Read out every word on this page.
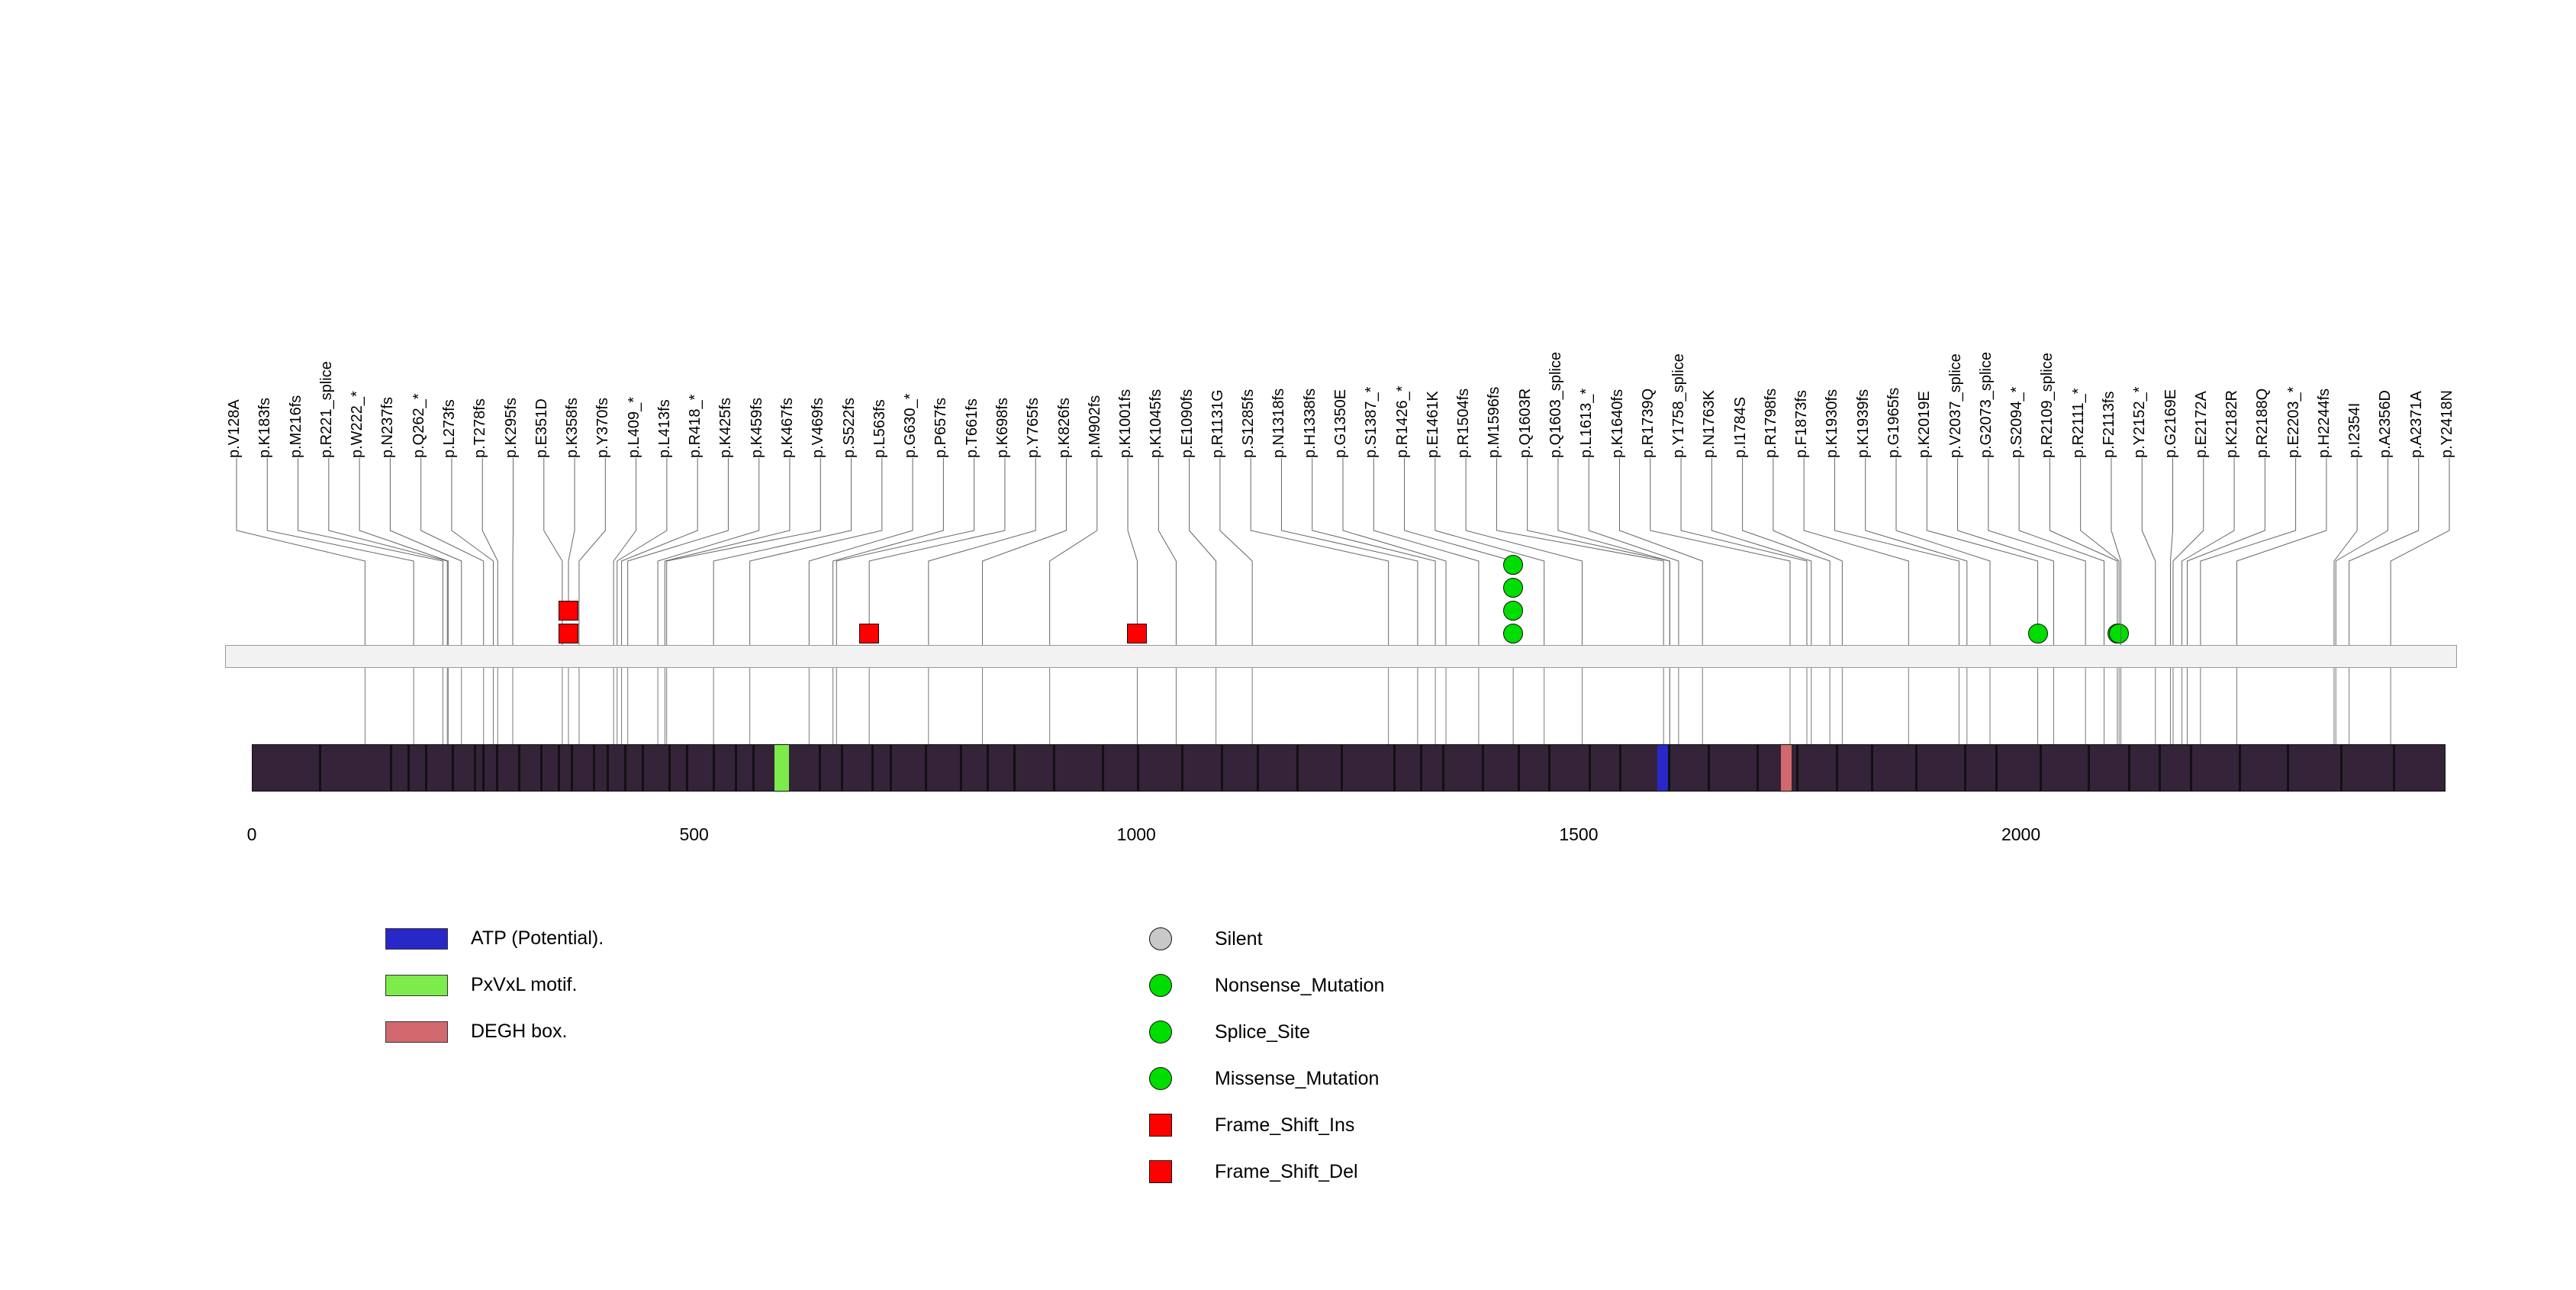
p.V128A p.K183fs p.M216fs p.R221_splice p.W222_* p.N237fs p.Q262_* p.L273fs p.T278fs p.K295fs p.E351D p.K358fs p.Y370fs p.L409_* p.L413fs p.R418_* p.K425fs p.K459fs p.K467fs p.V469fs p.S522fs p.L563fs p.G630_* p.P657fs p.T661fs p.K698fs p.Y765fs p.K826fs p.M902fs p.K1001fs p.K1045fs p.E1090fs p.R1131G p.S1285fs p.N1318fs p.H1338fs p.G1350E p.S1387_* p.R1426_* p.E1461K p.R1504fs p.M1596fs p.Q1603R p.Q1603_splice p.L1613_* p.K1640fs p.R1739Q p.Y1758_splice p.N1763K p.I1784S p.R1798fs p.F1873fs p.K1930fs p.K1939fs p.G1965fs p.K2019E p.V2037_splice p.G2073_splice p.S2094_* p.R2109_splice p.R2111_* p.F2113fs p.Y2152_* p.G2169E p.E2172A p.K2182R p.R2188Q p.E2203_* p.H2244fs p.I2354I p.A2356D p.A2371A p.Y2418N
0	500	1000	1500	2000
ATP (Potential).
PxVxL motif.
DEGH box.
Silent
Nonsense_Mutation
Splice_Site
Missense_Mutation
Frame_Shift_Ins
Frame_Shift_Del
